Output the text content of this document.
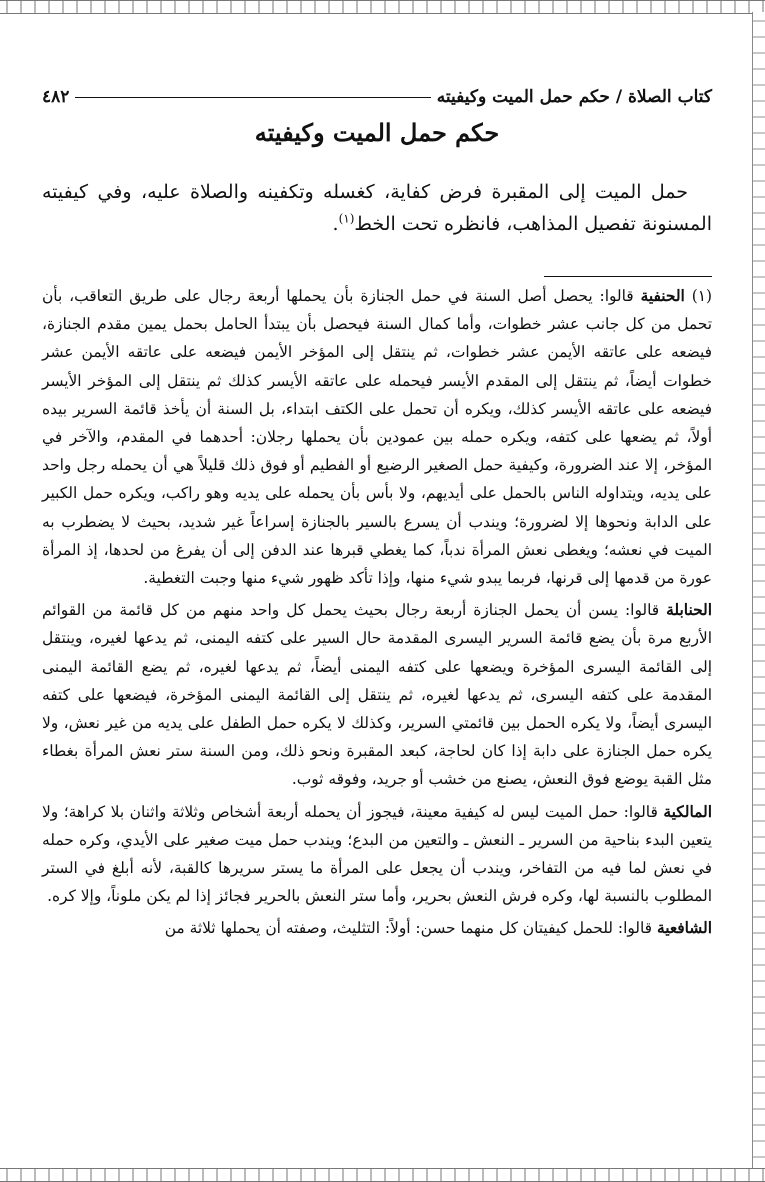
كتاب الصلاة / حكم حمل الميت وكيفيته
٤٨٢
حكم حمل الميت وكيفيته
حمل الميت إلى المقبرة فرض كفاية، كغسله وتكفينه والصلاة عليه، وفي كيفيته المسنونة تفصيل المذاهب، فانظره تحت الخط$^{(١)}$.

(١) الحنفية قالوا: يحصل أصل السنة في حمل الجنازة بأن يحملها أربعة رجال على طريق التعاقب، بأن تحمل من كل جانب عشر خطوات، وأما كمال السنة فيحصل بأن يبتدأ الحامل بحمل يمين مقدم الجنازة، فيضعه على عاتقه الأيمن عشر خطوات، ثم ينتقل إلى المؤخر الأيمن فيضعه على عاتقه الأيمن عشر خطوات أيضاً، ثم ينتقل إلى المقدم الأيسر فيحمله على عاتقه الأيسر كذلك ثم ينتقل إلى المؤخر الأيسر فيضعه على عاتقه الأيسر كذلك، ويكره أن تحمل على الكتف ابتداء، بل السنة أن يأخذ قائمة السرير بيده أولاً، ثم يضعها على كتفه، ويكره حمله بين عمودين بأن يحملها رجلان: أحدهما في المقدم، والآخر في المؤخر، إلا عند الضرورة، وكيفية حمل الصغير الرضيع أو الفطيم أو فوق ذلك قليلاً هي أن يحمله رجل واحد على يديه، ويتداوله الناس بالحمل على أيديهم، ولا بأس بأن يحمله على يديه وهو راكب، ويكره حمل الكبير على الدابة ونحوها إلا لضرورة؛ ويندب أن يسرع بالسير بالجنازة إسراعاً غير شديد، بحيث لا يضطرب به الميت في نعشه؛ ويغطى نعش المرأة ندباً، كما يغطي قبرها عند الدفن إلى أن يفرغ من لحدها، إذ المرأة عورة من قدمها إلى قرنها، فربما يبدو شيء منها، وإذا تأكد ظهور شيء منها وجبت التغطية.

الحنابلة قالوا: يسن أن يحمل الجنازة أربعة رجال بحيث يحمل كل واحد منهم من كل قائمة من القوائم الأربع مرة بأن يضع قائمة السرير اليسرى المقدمة حال السير على كتفه اليمنى، ثم يدعها لغيره، وينتقل إلى القائمة اليسرى المؤخرة ويضعها على كتفه اليمنى أيضاً، ثم يدعها لغيره، ثم يضع القائمة اليمنى المقدمة على كتفه اليسرى، ثم يدعها لغيره، ثم ينتقل إلى القائمة اليمنى المؤخرة، فيضعها على كتفه اليسرى أيضاً، ولا يكره الحمل بين قائمتي السرير، وكذلك لا يكره حمل الطفل على يديه من غير نعش، ولا يكره حمل الجنازة على دابة إذا كان لحاجة، كبعد المقبرة ونحو ذلك، ومن السنة ستر نعش المرأة بغطاء مثل القبة يوضع فوق النعش، يصنع من خشب أو جريد، وفوقه ثوب.

المالكية قالوا: حمل الميت ليس له كيفية معينة، فيجوز أن يحمله أربعة أشخاص وثلاثة واثنان بلا كراهة؛ ولا يتعين البدء بناحية من السرير ـ النعش ـ والتعين من البدع؛ ويندب حمل ميت صغير على الأيدي، وكره حمله في نعش لما فيه من التفاخر، ويندب أن يجعل على المرأة ما يستر سريرها كالقبة، لأنه أبلغ في الستر المطلوب بالنسبة لها، وكره فرش النعش بحرير، وأما ستر النعش بالحرير فجائز إذا لم يكن ملوناً، وإلا كره.

الشافعية قالوا: للحمل كيفيتان كل منهما حسن: أولاً: التثليث، وصفته أن يحملها ثلاثة من
